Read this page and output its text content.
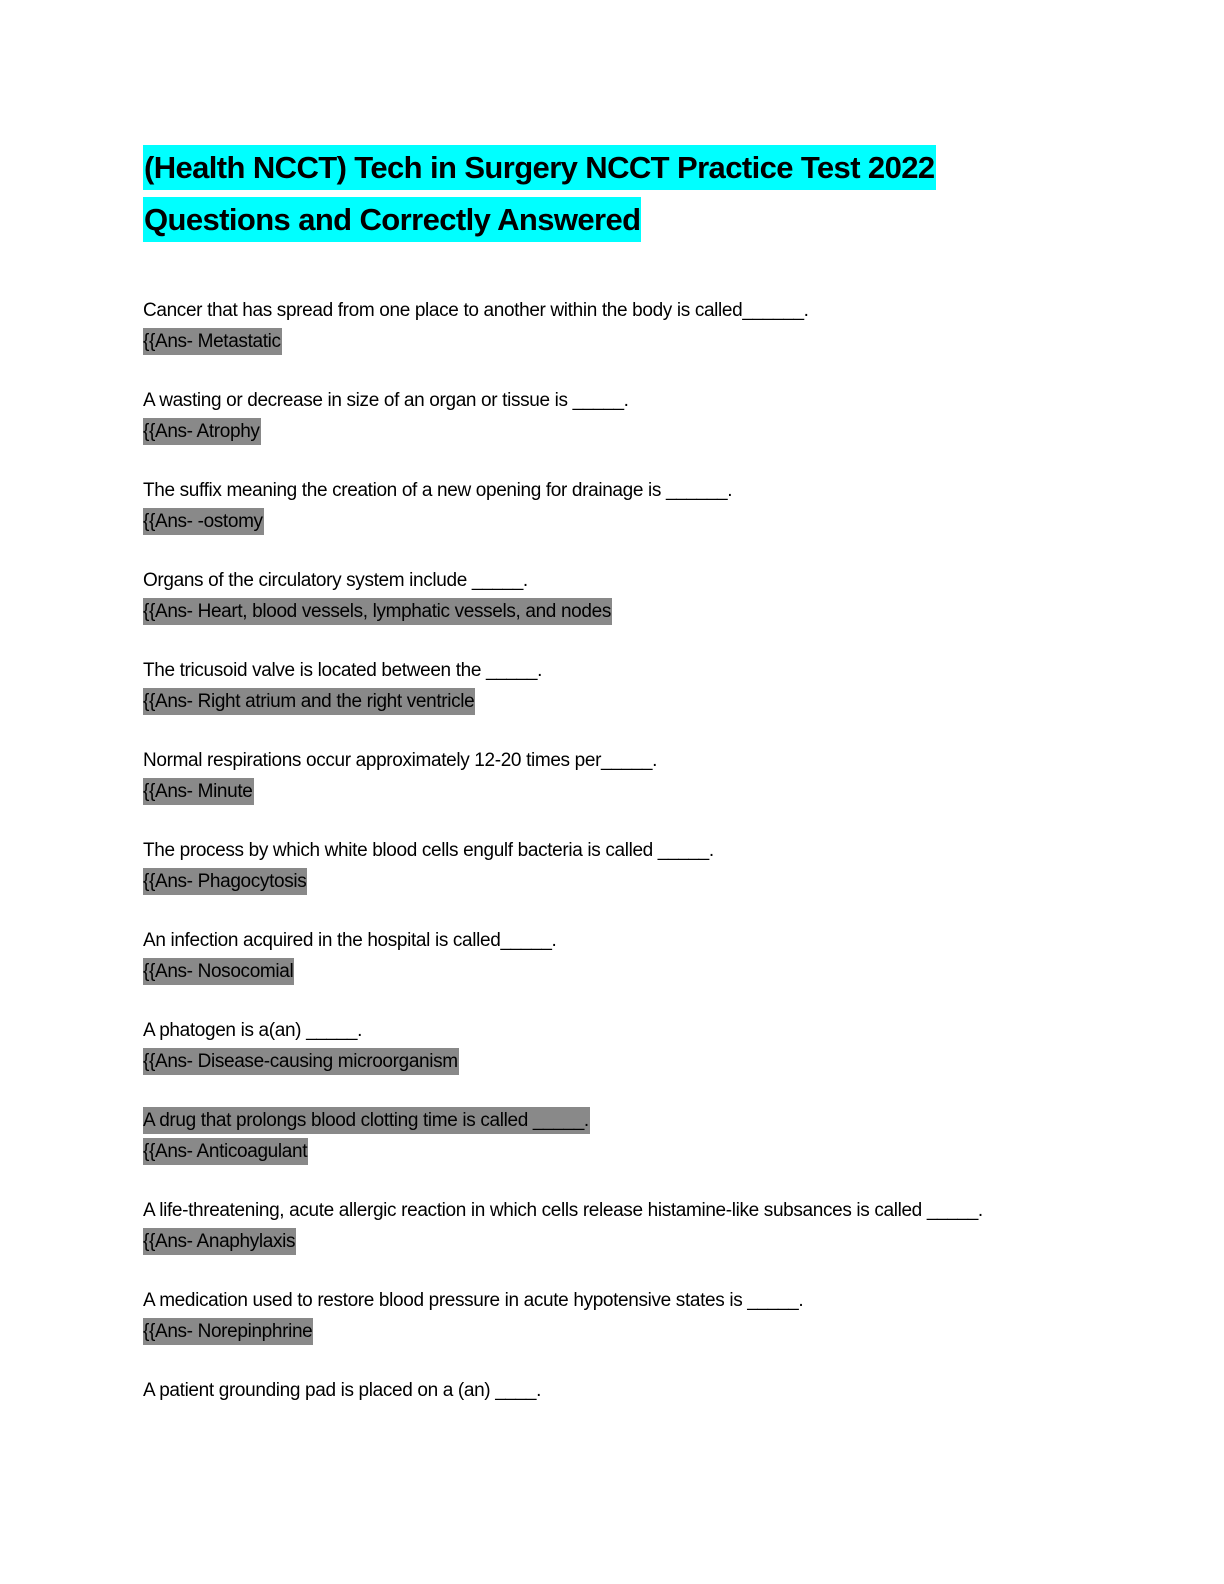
(Health NCCT) Tech in Surgery NCCT Practice Test 2022
Questions and Correctly Answered
Cancer that has spread from one place to another within the body is called______.
{{Ans- Metastatic
A wasting or decrease in size of an organ or tissue is _____.
{{Ans- Atrophy
The suffix meaning the creation of a new opening for drainage is ______.
{{Ans- -ostomy
Organs of the circulatory system include _____.
{{Ans- Heart, blood vessels, lymphatic vessels, and nodes
The tricusoid valve is located between the _____.
{{Ans- Right atrium and the right ventricle
Normal respirations occur approximately 12-20 times per_____.
{{Ans- Minute
The process by which white blood cells engulf bacteria is called _____.
{{Ans- Phagocytosis
An infection acquired in the hospital is called_____.
{{Ans- Nosocomial
A phatogen is a(an) _____.
{{Ans- Disease-causing microorganism
A drug that prolongs blood clotting time is called _____.
{{Ans- Anticoagulant
A life-threatening, acute allergic reaction in which cells release histamine-like subsances is called _____.
{{Ans- Anaphylaxis
A medication used to restore blood pressure in acute hypotensive states is _____.
{{Ans- Norepinphrine
A patient grounding pad is placed on a (an) ____.
